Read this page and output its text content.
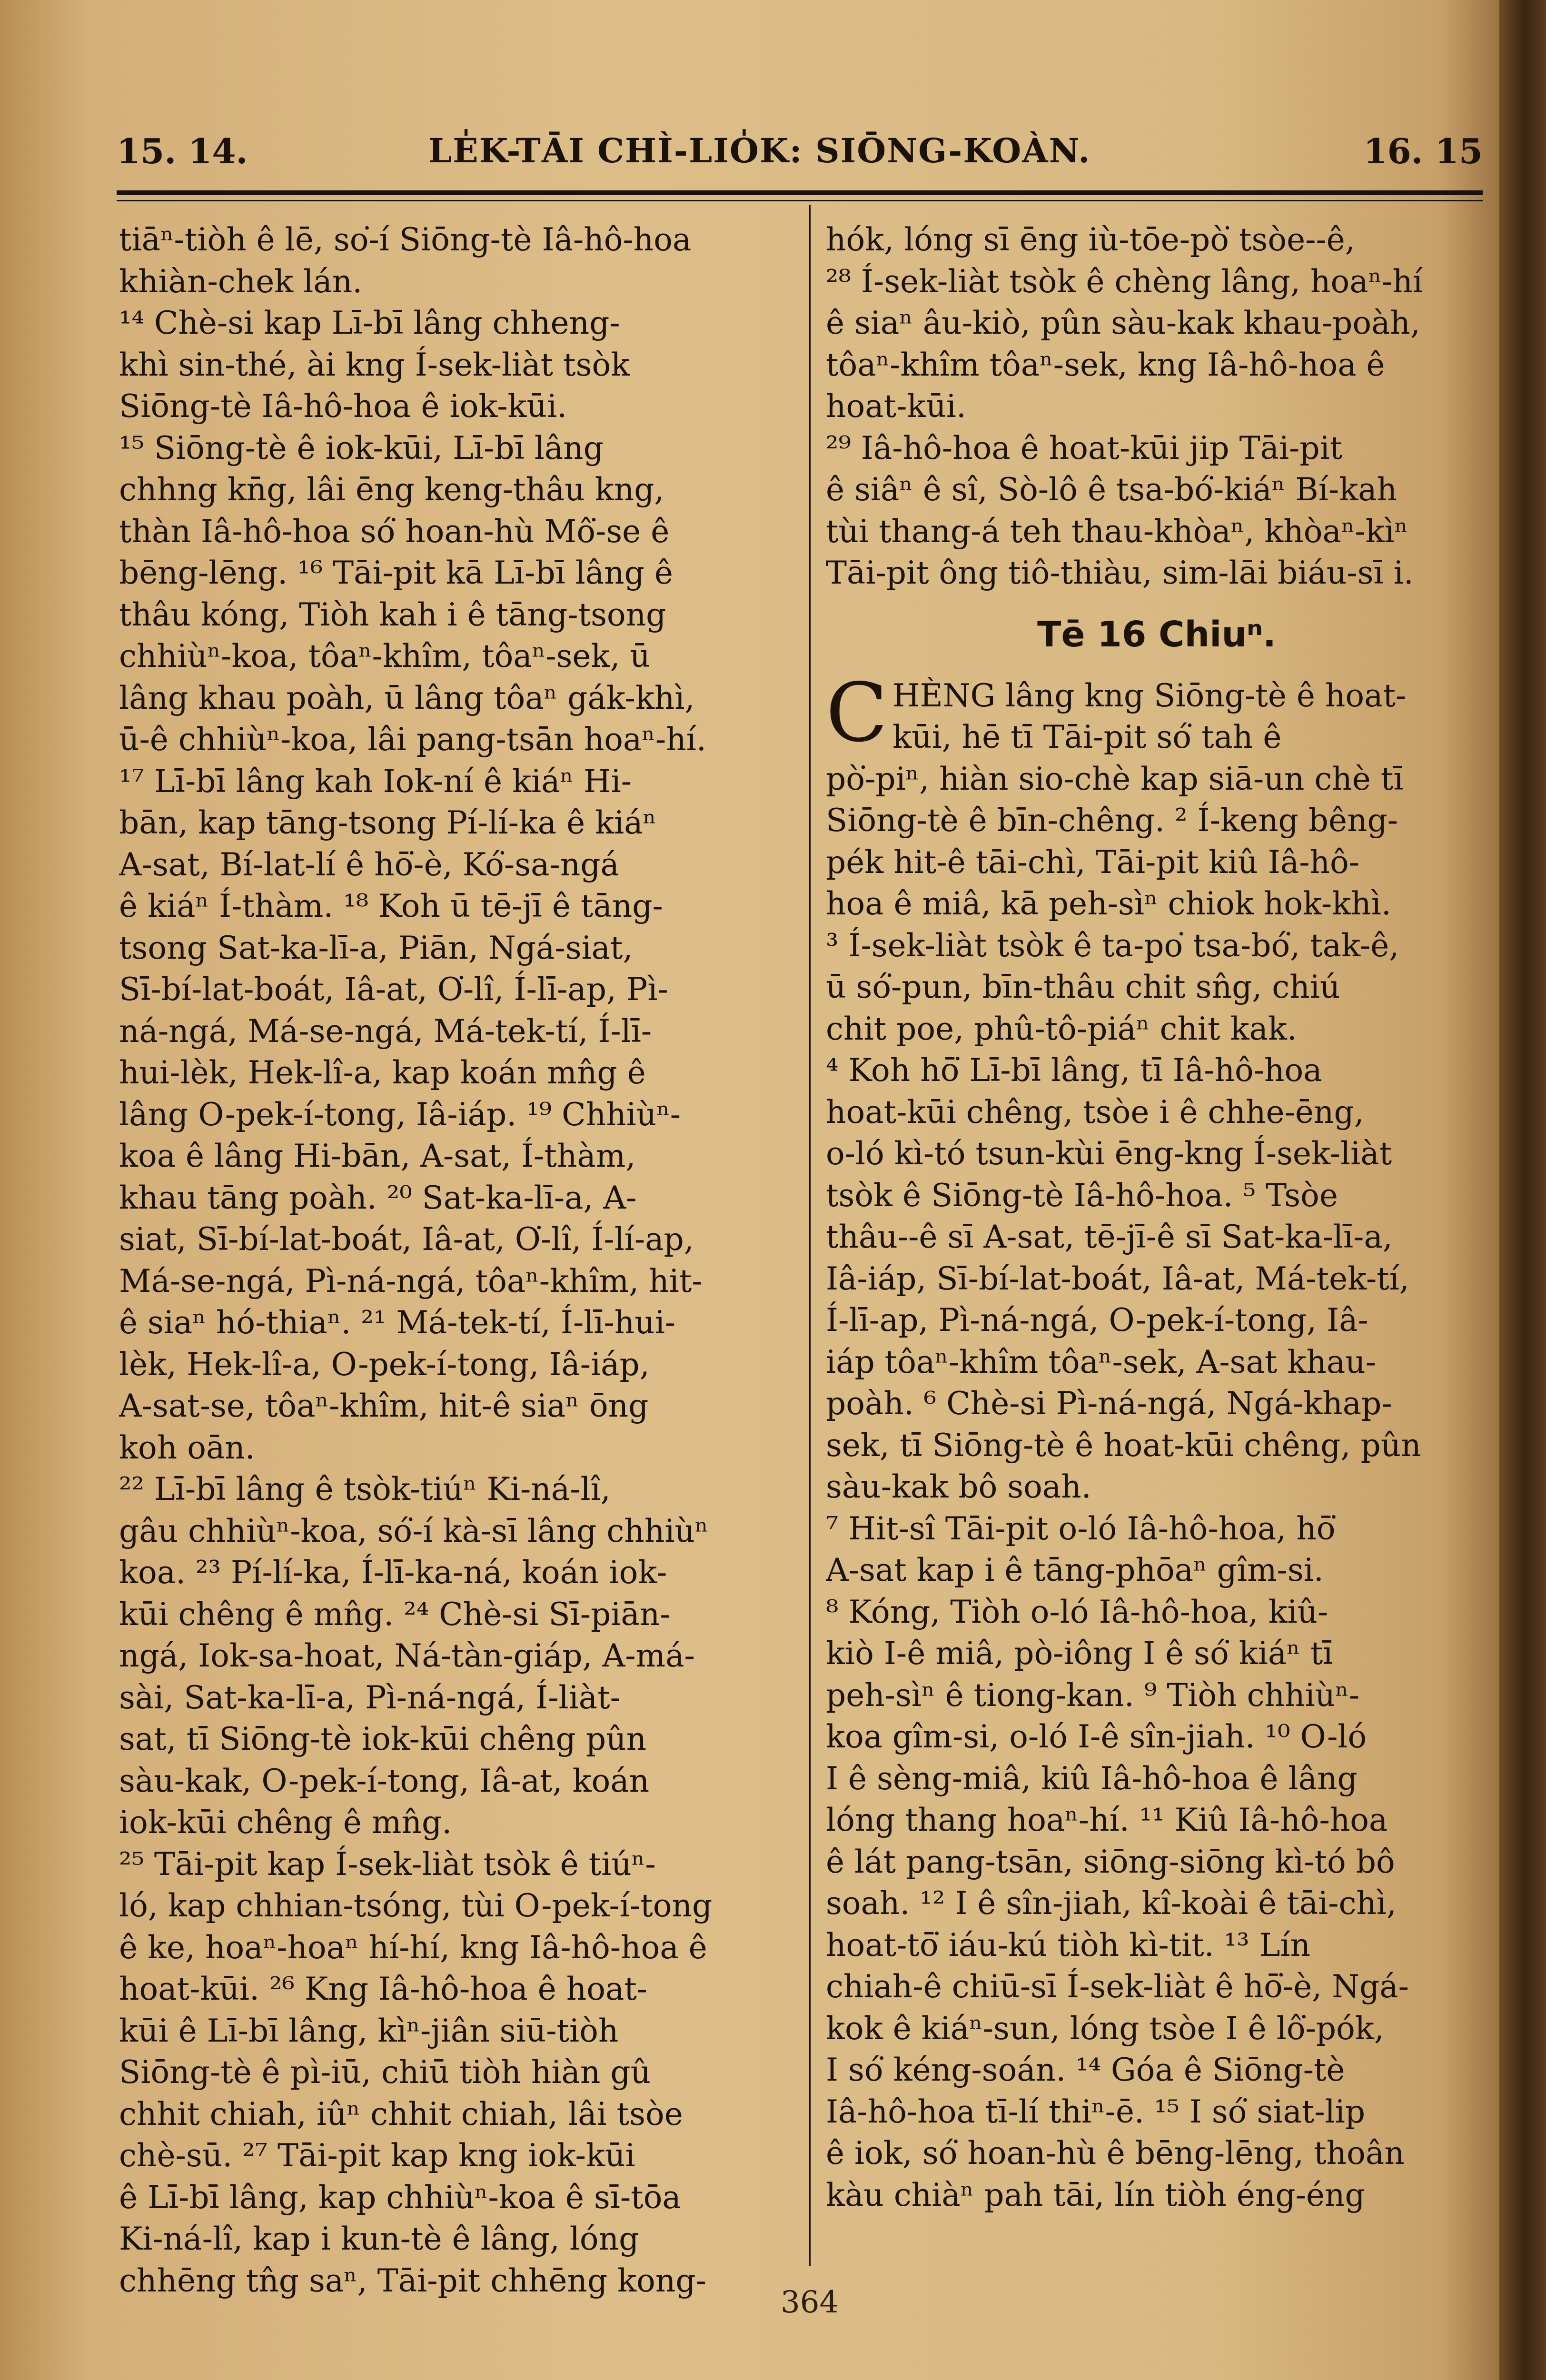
15. 14.	LE̍K-TĀI CHÌ-LIO̍K: SIŌNG-KOÀN.	16. 15
tiāⁿ-tiòh ê lē, so͘-í Siōng-tè Iâ-hô-hoa
khiàn-chek lán.
¹⁴ Chè-si kap Lī-bī lâng chheng-
khì sin-thé, ài kng Í-sek-liàt tsòk
Siōng-tè Iâ-hô-hoa ê iok-kūi.
¹⁵ Siōng-tè ê iok-kūi, Lī-bī lâng
chhng kn̄g, lâi ēng keng-thâu kng,
thàn Iâ-hô-hoa só͘ hoan-hù Mô͘-se ê
bēng-lēng. ¹⁶ Tāi-pit kā Lī-bī lâng ê
thâu kóng, Tiòh kah i ê tāng-tsong
chhiùⁿ-koa, tôaⁿ-khîm, tôaⁿ-sek, ū
lâng khau poàh, ū lâng tôaⁿ gák-khì,
ū-ê chhiùⁿ-koa, lâi pang-tsān hoaⁿ-hí.
¹⁷ Lī-bī lâng kah Iok-ní ê kiáⁿ Hi-
bān, kap tāng-tsong Pí-lí-ka ê kiáⁿ
A-sat, Bí-lat-lí ê hō͘-è, Kó͘-sa-ngá
ê kiáⁿ Í-thàm. ¹⁸ Koh ū tē-jī ê tāng-
tsong Sat-ka-lī-a, Piān, Ngá-siat,
Sī-bí-lat-boát, Iâ-at, O͘-lî, Í-lī-ap, Pì-
ná-ngá, Má-se-ngá, Má-tek-tí, Í-lī-
hui-lèk, Hek-lî-a, kap koán mn̂g ê
lâng O-pek-í-tong, Iâ-iáp. ¹⁹ Chhiùⁿ-
koa ê lâng Hi-bān, A-sat, Í-thàm,
khau tāng poàh. ²⁰ Sat-ka-lī-a, A-
siat, Sī-bí-lat-boát, Iâ-at, O͘-lî, Í-lí-ap,
Má-se-ngá, Pì-ná-ngá, tôaⁿ-khîm, hit-
ê siaⁿ hó-thiaⁿ. ²¹ Má-tek-tí, Í-lī-hui-
lèk, Hek-lî-a, O-pek-í-tong, Iâ-iáp,
A-sat-se, tôaⁿ-khîm, hit-ê siaⁿ ōng
koh oān.
²² Lī-bī lâng ê tsòk-tiúⁿ Ki-ná-lî,
gâu chhiùⁿ-koa, só͘-í kà-sī lâng chhiùⁿ
koa. ²³ Pí-lí-ka, Í-lī-ka-ná, koán iok-
kūi chêng ê mn̂g. ²⁴ Chè-si Sī-piān-
ngá, Iok-sa-hoat, Ná-tàn-giáp, A-má-
sài, Sat-ka-lī-a, Pì-ná-ngá, Í-liàt-
sat, tī Siōng-tè iok-kūi chêng pûn
sàu-kak, O-pek-í-tong, Iâ-at, koán
iok-kūi chêng ê mn̂g.
²⁵ Tāi-pit kap Í-sek-liàt tsòk ê tiúⁿ-
ló, kap chhian-tsóng, tùi O-pek-í-tong
ê ke, hoaⁿ-hoaⁿ hí-hí, kng Iâ-hô-hoa ê
hoat-kūi. ²⁶ Kng Iâ-hô-hoa ê hoat-
kūi ê Lī-bī lâng, kìⁿ-jiân siū-tiòh
Siōng-tè ê pì-iū, chiū tiòh hiàn gû
chhit chiah, iûⁿ chhit chiah, lâi tsòe
chè-sū. ²⁷ Tāi-pit kap kng iok-kūi
ê Lī-bī lâng, kap chhiùⁿ-koa ê sī-tōa
Ki-ná-lî, kap i kun-tè ê lâng, lóng
chhēng tn̂g saⁿ, Tāi-pit chhēng kong-
hók, lóng sī ēng iù-tōe-pò͘ tsòe--ê,
²⁸ Í-sek-liàt tsòk ê chèng lâng, hoaⁿ-hí
ê siaⁿ âu-kiò, pûn sàu-kak khau-poàh,
tôaⁿ-khîm tôaⁿ-sek, kng Iâ-hô-hoa ê
hoat-kūi.
²⁹ Iâ-hô-hoa ê hoat-kūi jip Tāi-pit
ê siâⁿ ê sî, Sò-lô ê tsa-bó͘-kiáⁿ Bí-kah
tùi thang-á teh thau-khòaⁿ, khòaⁿ-kìⁿ
Tāi-pit ông tiô-thiàu, sim-lāi biáu-sī i.
Tē 16 Chiuⁿ.
C HÈNG lâng kng Siōng-tè ê hoat-
kūi, hē tī Tāi-pit só͘ tah ê
pò͘-piⁿ, hiàn sio-chè kap siā-un chè tī
Siōng-tè ê bīn-chêng. ² Í-keng bêng-
pék hit-ê tāi-chì, Tāi-pit kiû Iâ-hô-
hoa ê miâ, kā peh-sìⁿ chiok hok-khì.
³ Í-sek-liàt tsòk ê ta-po͘ tsa-bó͘, tak-ê,
ū só͘-pun, bīn-thâu chit sn̂g, chiú
chit poe, phû-tô-piáⁿ chit kak.
⁴ Koh hō͘ Lī-bī lâng, tī Iâ-hô-hoa
hoat-kūi chêng, tsòe i ê chhe-ēng,
o-ló kì-tó tsun-kùi ēng-kng Í-sek-liàt
tsòk ê Siōng-tè Iâ-hô-hoa. ⁵ Tsòe
thâu--ê sī A-sat, tē-jī-ê sī Sat-ka-lī-a,
Iâ-iáp, Sī-bí-lat-boát, Iâ-at, Má-tek-tí,
Í-lī-ap, Pì-ná-ngá, O-pek-í-tong, Iâ-
iáp tôaⁿ-khîm tôaⁿ-sek, A-sat khau-
poàh. ⁶ Chè-si Pì-ná-ngá, Ngá-khap-
sek, tī Siōng-tè ê hoat-kūi chêng, pûn
sàu-kak bô soah.
⁷ Hit-sî Tāi-pit o-ló Iâ-hô-hoa, hō͘
A-sat kap i ê tāng-phōaⁿ gîm-si.
⁸ Kóng, Tiòh o-ló Iâ-hô-hoa, kiû-
kiò I-ê miâ, pò-iông I ê só͘ kiáⁿ tī
peh-sìⁿ ê tiong-kan. ⁹ Tiòh chhiùⁿ-
koa gîm-si, o-ló I-ê sîn-jiah. ¹⁰ O-ló
I ê sèng-miâ, kiû Iâ-hô-hoa ê lâng
lóng thang hoaⁿ-hí. ¹¹ Kiû Iâ-hô-hoa
ê lát pang-tsān, siōng-siōng kì-tó bô
soah. ¹² I ê sîn-jiah, kî-koài ê tāi-chì,
hoat-tō͘ iáu-kú tiòh kì-tit. ¹³ Lín
chiah-ê chiū-sī Í-sek-liàt ê hō͘-è, Ngá-
kok ê kiáⁿ-sun, lóng tsòe I ê lô͘-pók,
I só͘ kéng-soán. ¹⁴ Góa ê Siōng-tè
Iâ-hô-hoa tī-lí thiⁿ-ē. ¹⁵ I só͘ siat-lip
ê iok, só͘ hoan-hù ê bēng-lēng, thoân
kàu chiàⁿ pah tāi, lín tiòh éng-éng
364
